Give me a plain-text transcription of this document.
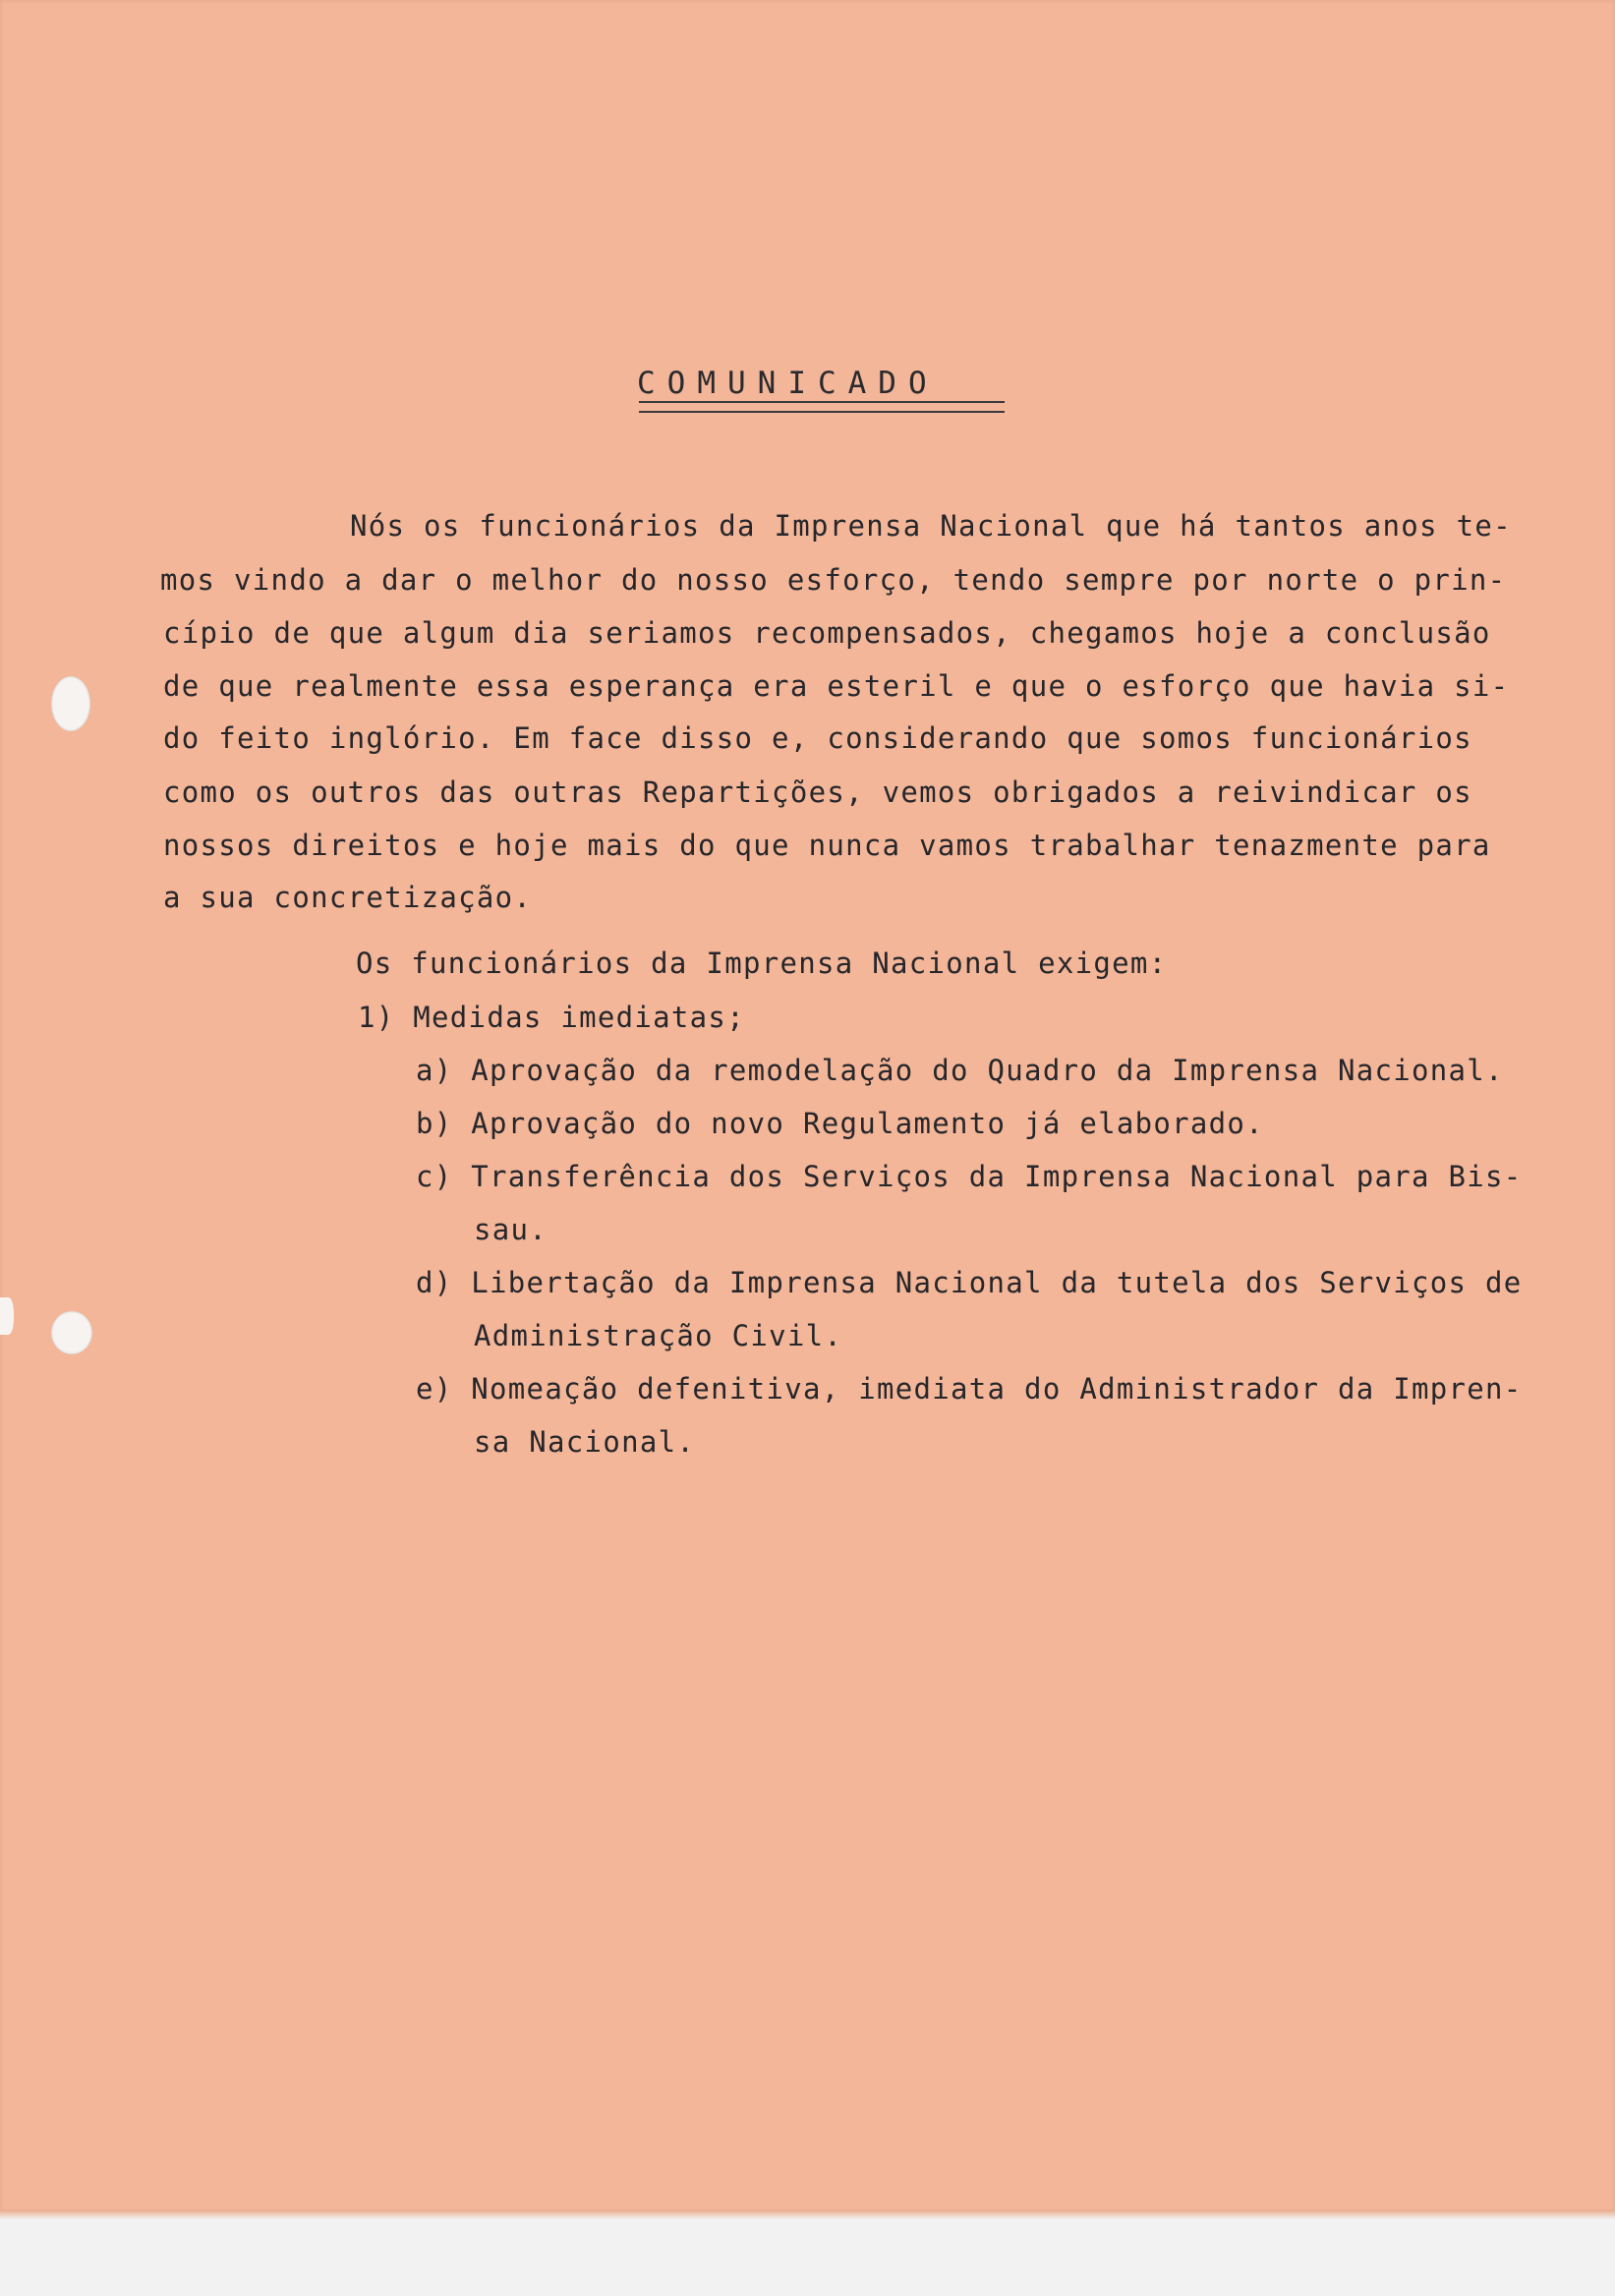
COMUNICADO

Nós os funcionários da Imprensa Nacional que há tantos anos te-

mos vindo a dar o melhor do nosso esforço, tendo sempre por norte o prin-

cípio de que algum dia seriamos recompensados, chegamos hoje a conclusão

de que realmente essa esperança era esteril e que o esforço que havia si-

do feito inglório. Em face disso e, considerando que somos funcionários

como os outros das outras Repartições, vemos obrigados a reivindicar os

nossos direitos e hoje mais do que nunca vamos trabalhar tenazmente para

a sua concretização.

Os funcionários da Imprensa Nacional exigem:

1) Medidas imediatas;

a) Aprovação da remodelação do Quadro da Imprensa Nacional.

b) Aprovação do novo Regulamento já elaborado.

c) Transferência dos Serviços da Imprensa Nacional para Bis-

sau.

d) Libertação da Imprensa Nacional da tutela dos Serviços de

Administração Civil.

e) Nomeação defenitiva, imediata do Administrador da Impren-

sa Nacional.
